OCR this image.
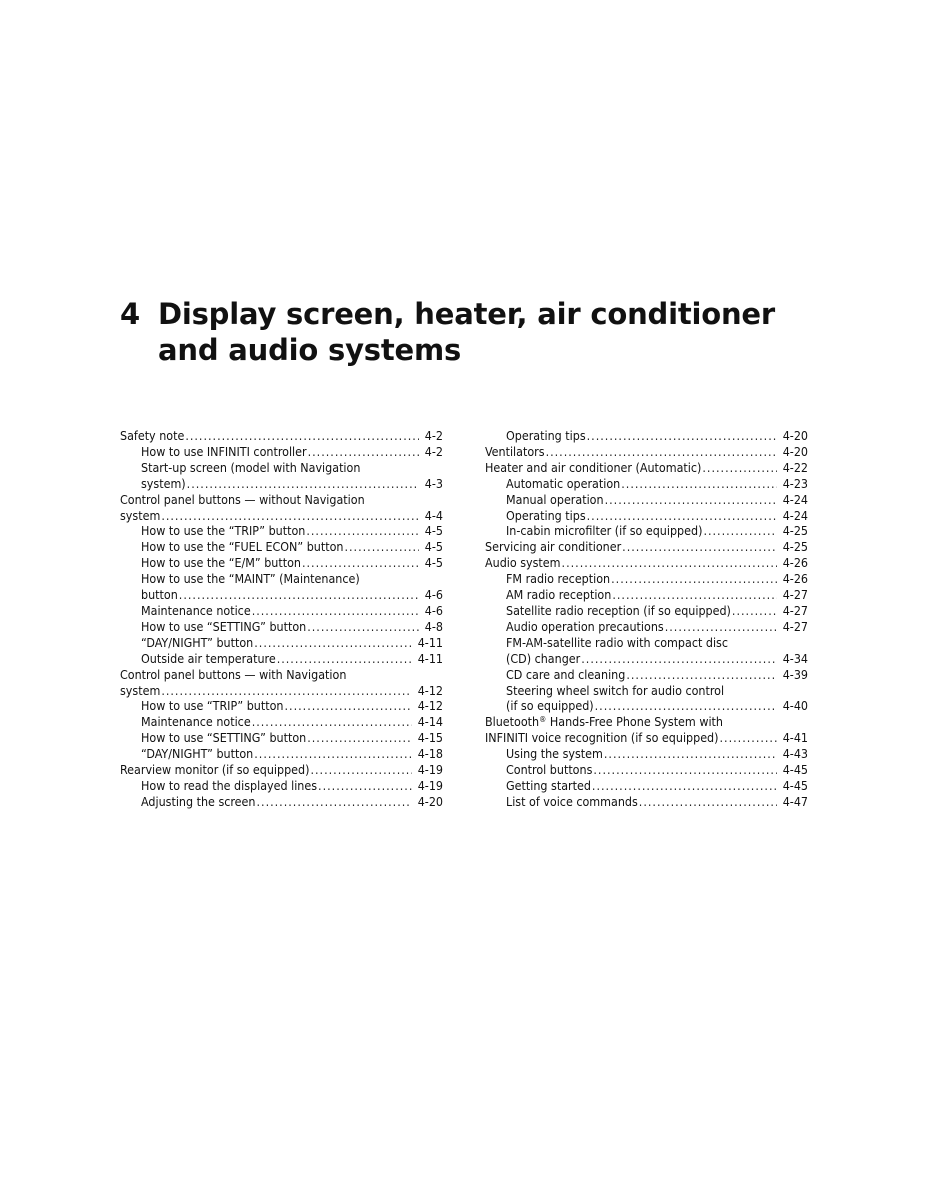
4 Display screen, heater, air conditioner and audio systems
Safety note .....	4-2
How to use INFINITI controller .....	4-2
Start-up screen (model with Navigation
system) .....	4-3
Control panel buttons — without Navigation
system .....	4-4
How to use the “TRIP” button .....	4-5
How to use the “FUEL ECON” button .....	4-5
How to use the “E/M” button .....	4-5
How to use the “MAINT” (Maintenance)
button .....	4-6
Maintenance notice .....	4-6
How to use “SETTING” button .....	4-8
“DAY/NIGHT” button .....	4-11
Outside air temperature .....	4-11
Control panel buttons — with Navigation
system .....	4-12
How to use “TRIP” button .....	4-12
Maintenance notice .....	4-14
How to use “SETTING” button .....	4-15
“DAY/NIGHT” button .....	4-18
Rearview monitor (if so equipped) .....	4-19
How to read the displayed lines .....	4-19
Adjusting the screen .....	4-20
Operating tips .....	4-20
Ventilators .....	4-20
Heater and air conditioner (Automatic) .....	4-22
Automatic operation .....	4-23
Manual operation .....	4-24
Operating tips .....	4-24
In-cabin microfilter (if so equipped) .....	4-25
Servicing air conditioner .....	4-25
Audio system .....	4-26
FM radio reception .....	4-26
AM radio reception .....	4-27
Satellite radio reception (if so equipped) .....	4-27
Audio operation precautions .....	4-27
FM-AM-satellite radio with compact disc
(CD) changer .....	4-34
CD care and cleaning .....	4-39
Steering wheel switch for audio control
(if so equipped) .....	4-40
Bluetooth® Hands-Free Phone System with
INFINITI voice recognition (if so equipped) .....	4-41
Using the system .....	4-43
Control buttons .....	4-45
Getting started .....	4-45
List of voice commands .....	4-47
